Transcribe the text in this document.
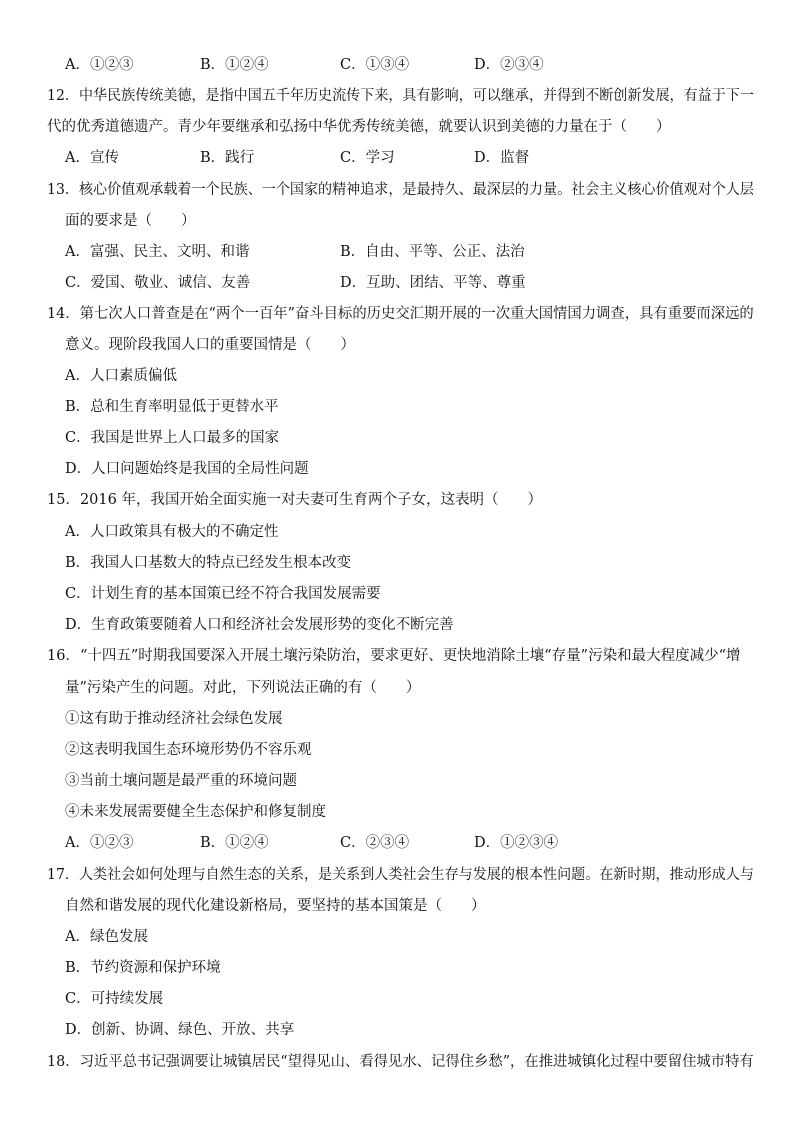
A．①②③	B．①②④	C．①③④	D．②③④
12．中华民族传统美德，是指中国五千年历史流传下来，具有影响，可以继承，并得到不断创新发展，有益于下一
代的优秀道德遗产。青少年要继承和弘扬中华优秀传统美德，就要认识到美德的力量在于（　　）
A．宣传	B．践行	C．学习	D．监督
13．核心价值观承载着一个民族、一个国家的精神追求，是最持久、最深层的力量。社会主义核心价值观对个人层
面的要求是（　　）
A．富强、民主、文明、和谐	B．自由、平等、公正、法治
C．爱国、敬业、诚信、友善	D．互助、团结、平等、尊重
14．第七次人口普查是在“两个一百年”奋斗目标的历史交汇期开展的一次重大国情国力调查，具有重要而深远的
意义。现阶段我国人口的重要国情是（　　）
A．人口素质偏低
B．总和生育率明显低于更替水平
C．我国是世界上人口最多的国家
D．人口问题始终是我国的全局性问题
15．2016 年，我国开始全面实施一对夫妻可生育两个子女，这表明（　　）
A．人口政策具有极大的不确定性
B．我国人口基数大的特点已经发生根本改变
C．计划生育的基本国策已经不符合我国发展需要
D．生育政策要随着人口和经济社会发展形势的变化不断完善
16．“十四五”时期我国要深入开展土壤污染防治，要求更好、更快地消除土壤“存量”污染和最大程度减少“增
量”污染产生的问题。对此，下列说法正确的有（　　）
①这有助于推动经济社会绿色发展
②这表明我国生态环境形势仍不容乐观
③当前土壤问题是最严重的环境问题
④未来发展需要健全生态保护和修复制度
A．①②③	B．①②④	C．②③④	D．①②③④
17．人类社会如何处理与自然生态的关系，是关系到人类社会生存与发展的根本性问题。在新时期，推动形成人与
自然和谐发展的现代化建设新格局，要坚持的基本国策是（　　）
A．绿色发展
B．节约资源和保护环境
C．可持续发展
D．创新、协调、绿色、开放、共享
18．习近平总书记强调要让城镇居民“望得见山、看得见水、记得住乡愁”，在推进城镇化过程中要留住城市特有
